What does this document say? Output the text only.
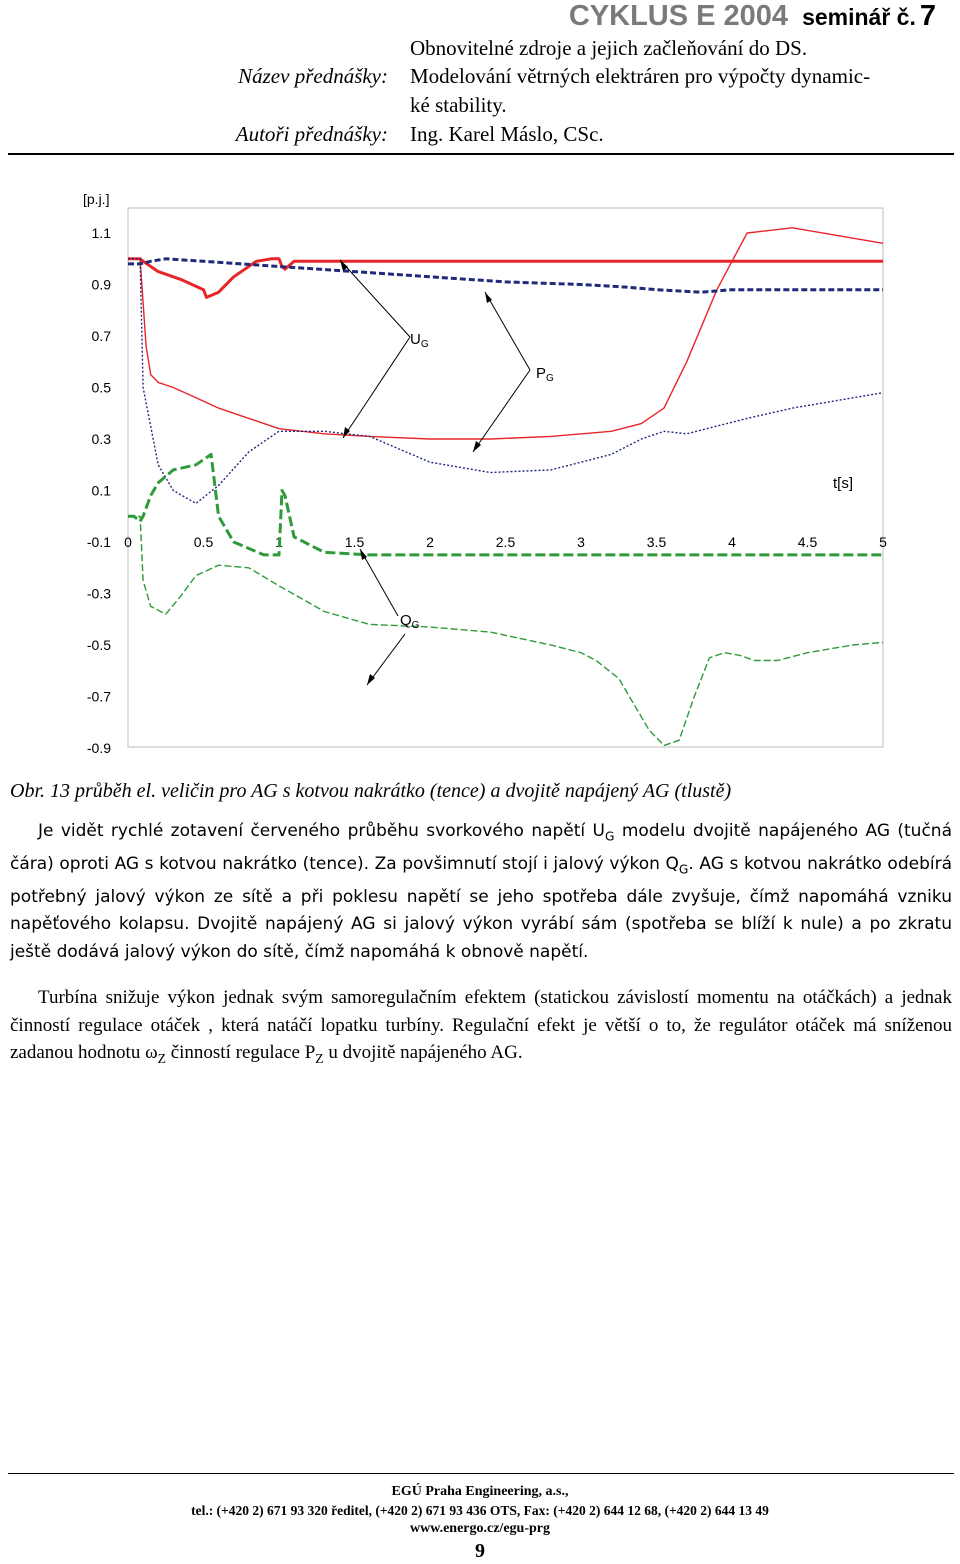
CYKLUS E 2004 seminář č. 7
Obnovitelné zdroje a jejich začleňování do DS.
Název přednášky: Modelování větrných elektráren pro výpočty dynamic-
ké stability.
Autoři přednášky: Ing. Karel Máslo, CSc.
1.1
0.9
0.7
0.5
0.3
0.1
-0.1
-0.3
-0.5
-0.7
-0.9
0	0.5	1	1.5	2	2.5	3	3.5	4	4.5	5
[p.j.]
t[s]
$U_G$
$P_G$
$Q_G$
Obr. 13 průběh el. veličin pro AG s kotvou nakrátko (tence) a dvojitě napájený AG (tlustě)

Je vidět rychlé zotavení červeného průběhu svorkového napětí $U_G$ modelu dvojitě napájeného AG (tučná čára) oproti AG s kotvou nakrátko (tence). Za povšimnutí stojí i jalový výkon $Q_G$. AG s kotvou nakrátko odebírá potřebný jalový výkon ze sítě a při poklesu napětí se jeho spotřeba dále zvyšuje, čímž napomáhá vzniku napěťového kolapsu. Dvojitě napájený AG si jalový výkon vyrábí sám (spotřeba se blíží k nule) a po zkratu ještě dodává jalový výkon do sítě, čímž napomáhá k obnově napětí.

Turbína snižuje výkon jednak svým samoregulačním efektem (statickou závislostí momentu na otáčkách) a jednak činností regulace otáček , která natáčí lopatku turbíny. Regulační efekt je větší o to, že regulátor otáček má sníženou zadanou hodnotu $\omega_Z$ činností regulace $P_Z$ u dvojitě napájeného AG.

EGÚ Praha Engineering, a.s.,
tel.: (+420 2) 671 93 320 ředitel, (+420 2) 671 93 436 OTS, Fax: (+420 2) 644 12 68, (+420 2) 644 13 49
www.energo.cz/egu-prg
9
